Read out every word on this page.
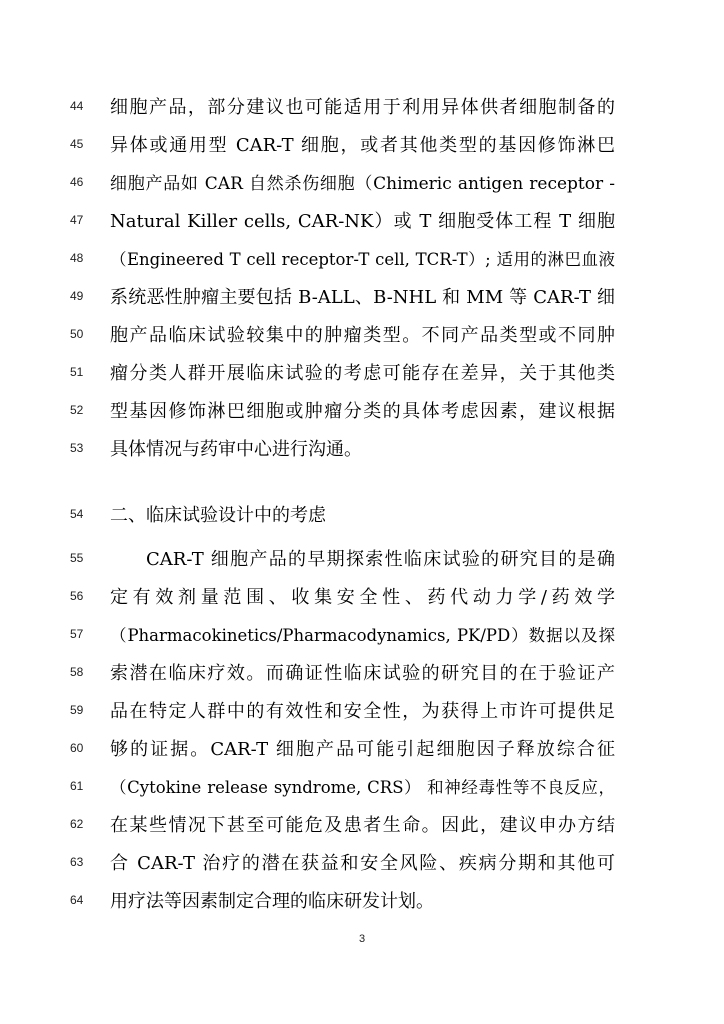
44	细胞产品，部分建议也可能适用于利用异体供者细胞制备的
45	异体或通用型 CAR-T 细胞，或者其他类型的基因修饰淋巴
46	细胞产品如 CAR 自然杀伤细胞（Chimeric antigen receptor -
47	Natural Killer cells, CAR-NK）或 T 细胞受体工程 T 细胞
48	（Engineered T cell receptor-T cell, TCR-T）; 适用的淋巴血液
49	系统恶性肿瘤主要包括 B-ALL、B-NHL 和 MM 等 CAR-T 细
50	胞产品临床试验较集中的肿瘤类型。不同产品类型或不同肿
51	瘤分类人群开展临床试验的考虑可能存在差异，关于其他类
52	型基因修饰淋巴细胞或肿瘤分类的具体考虑因素，建议根据
53	具体情况与药审中心进行沟通。
54	二、临床试验设计中的考虑
55	CAR-T 细胞产品的早期探索性临床试验的研究目的是确
56	定有效剂量范围、收集安全性、药代动力学/药效学
57	（Pharmacokinetics/Pharmacodynamics, PK/PD）数据以及探
58	索潜在临床疗效。而确证性临床试验的研究目的在于验证产
59	品在特定人群中的有效性和安全性，为获得上市许可提供足
60	够的证据。CAR-T 细胞产品可能引起细胞因子释放综合征
61	（Cytokine release syndrome, CRS） 和神经毒性等不良反应，
62	在某些情况下甚至可能危及患者生命。因此，建议申办方结
63	合 CAR-T 治疗的潜在获益和安全风险、疾病分期和其他可
64	用疗法等因素制定合理的临床研发计划。
3
